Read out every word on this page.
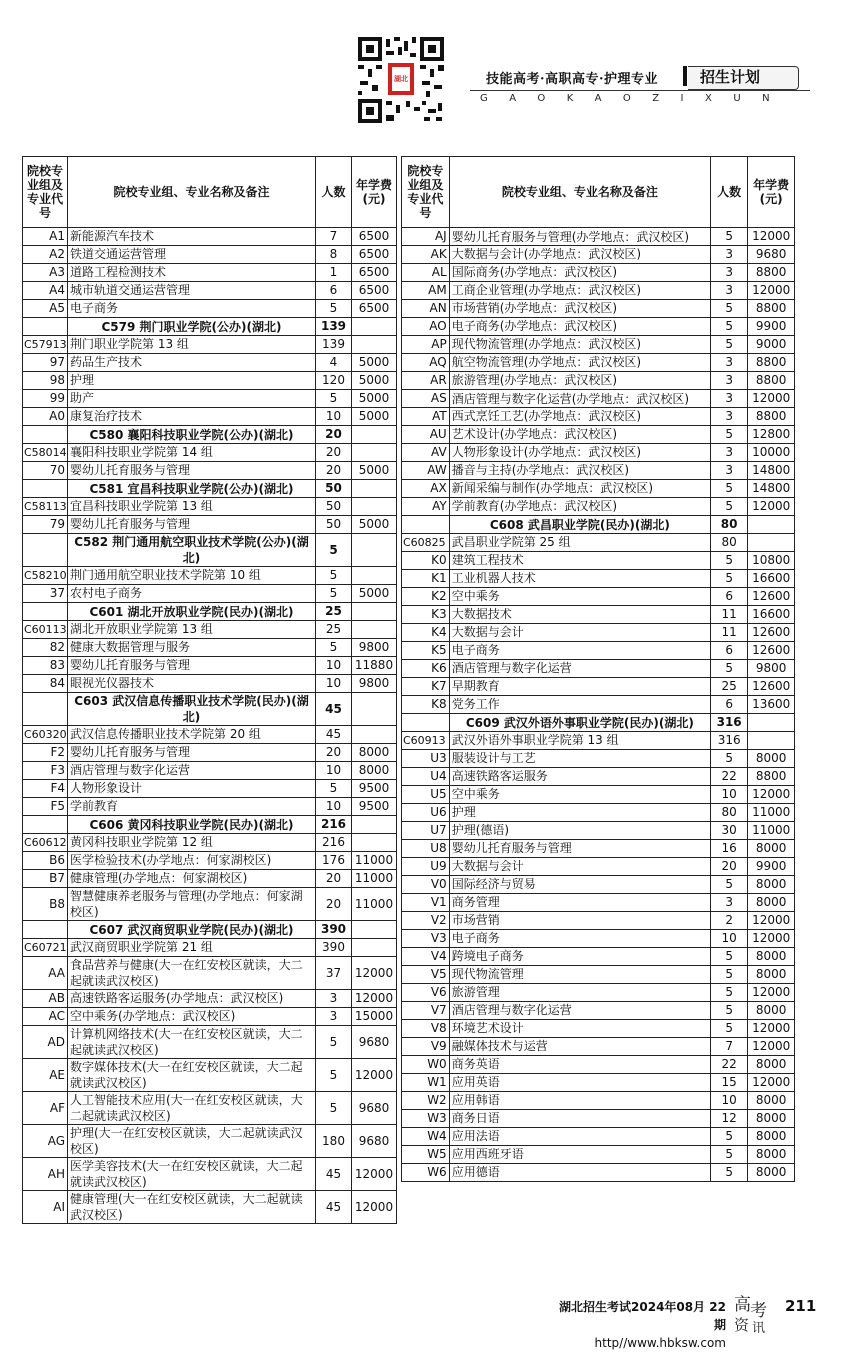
湖北	技能高考·高职高专·护理专业	招生计划
GAOKAOZIXUN
院校专业组及专业代号	院校专业组、专业名称及备注	人数	年学费(元)
A1	新能源汽车技术	7	6500
A2	铁道交通运营管理	8	6500
A3	道路工程检测技术	1	6500
A4	城市轨道交通运营管理	6	6500
A5	电子商务	5	6500
	C579 荆门职业学院(公办)(湖北)	139	
C57913	荆门职业学院第 13 组	139	
97	药品生产技术	4	5000
98	护理	120	5000
99	助产	5	5000
A0	康复治疗技术	10	5000
	C580 襄阳科技职业学院(公办)(湖北)	20	
C58014	襄阳科技职业学院第 14 组	20	
70	婴幼儿托育服务与管理	20	5000
	C581 宜昌科技职业学院(公办)(湖北)	50	
C58113	宜昌科技职业学院第 13 组	50	
79	婴幼儿托育服务与管理	50	5000
	C582 荆门通用航空职业技术学院(公办)(湖北)	5	
C58210	荆门通用航空职业技术学院第 10 组	5	
37	农村电子商务	5	5000
	C601 湖北开放职业学院(民办)(湖北)	25	
C60113	湖北开放职业学院第 13 组	25	
82	健康大数据管理与服务	5	9800
83	婴幼儿托育服务与管理	10	11880
84	眼视光仪器技术	10	9800
	C603 武汉信息传播职业技术学院(民办)(湖北)	45	
C60320	武汉信息传播职业技术学院第 20 组	45	
F2	婴幼儿托育服务与管理	20	8000
F3	酒店管理与数字化运营	10	8000
F4	人物形象设计	5	9500
F5	学前教育	10	9500
	C606 黄冈科技职业学院(民办)(湖北)	216	
C60612	黄冈科技职业学院第 12 组	216	
B6	医学检验技术(办学地点：何家湖校区)	176	11000
B7	健康管理(办学地点：何家湖校区)	20	11000
B8	智慧健康养老服务与管理(办学地点：何家湖校区)	20	11000
	C607 武汉商贸职业学院(民办)(湖北)	390	
C60721	武汉商贸职业学院第 21 组	390	
AA	食品营养与健康(大一在红安校区就读，大二起就读武汉校区)	37	12000
AB	高速铁路客运服务(办学地点：武汉校区)	3	12000
AC	空中乘务(办学地点：武汉校区)	3	15000
AD	计算机网络技术(大一在红安校区就读，大二起就读武汉校区)	5	9680
AE	数字媒体技术(大一在红安校区就读，大二起就读武汉校区)	5	12000
AF	人工智能技术应用(大一在红安校区就读，大二起就读武汉校区)	5	9680
AG	护理(大一在红安校区就读，大二起就读武汉校区)	180	9680
AH	医学美容技术(大一在红安校区就读，大二起就读武汉校区)	45	12000
AI	健康管理(大一在红安校区就读，大二起就读武汉校区)	45	12000
院校专业组及专业代号	院校专业组、专业名称及备注	人数	年学费(元)
AJ	婴幼儿托育服务与管理(办学地点：武汉校区)	5	12000
AK	大数据与会计(办学地点：武汉校区)	3	9680
AL	国际商务(办学地点：武汉校区)	3	8800
AM	工商企业管理(办学地点：武汉校区)	3	12000
AN	市场营销(办学地点：武汉校区)	5	8800
AO	电子商务(办学地点：武汉校区)	5	9900
AP	现代物流管理(办学地点：武汉校区)	5	9000
AQ	航空物流管理(办学地点：武汉校区)	3	8800
AR	旅游管理(办学地点：武汉校区)	3	8800
AS	酒店管理与数字化运营(办学地点：武汉校区)	3	12000
AT	西式烹饪工艺(办学地点：武汉校区)	3	8800
AU	艺术设计(办学地点：武汉校区)	5	12800
AV	人物形象设计(办学地点：武汉校区)	3	10000
AW	播音与主持(办学地点：武汉校区)	3	14800
AX	新闻采编与制作(办学地点：武汉校区)	5	14800
AY	学前教育(办学地点：武汉校区)	5	12000
	C608 武昌职业学院(民办)(湖北)	80	
C60825	武昌职业学院第 25 组	80	
K0	建筑工程技术	5	10800
K1	工业机器人技术	5	16600
K2	空中乘务	6	12600
K3	大数据技术	11	16600
K4	大数据与会计	11	12600
K5	电子商务	6	12600
K6	酒店管理与数字化运营	5	9800
K7	早期教育	25	12600
K8	党务工作	6	13600
	C609 武汉外语外事职业学院(民办)(湖北)	316	
C60913	武汉外语外事职业学院第 13 组	316	
U3	服装设计与工艺	5	8000
U4	高速铁路客运服务	22	8800
U5	空中乘务	10	12000
U6	护理	80	11000
U7	护理(德语)	30	11000
U8	婴幼儿托育服务与管理	16	8000
U9	大数据与会计	20	9900
V0	国际经济与贸易	5	8000
V1	商务管理	3	8000
V2	市场营销	2	12000
V3	电子商务	10	12000
V4	跨境电子商务	5	8000
V5	现代物流管理	5	8000
V6	旅游管理	5	12000
V7	酒店管理与数字化运营	5	8000
V8	环境艺术设计	5	12000
V9	融媒体技术与运营	7	12000
W0	商务英语	22	8000
W1	应用英语	15	12000
W2	应用韩语	10	8000
W3	商务日语	12	8000
W4	应用法语	5	8000
W5	应用西班牙语	5	8000
W6	应用德语	5	8000
湖北招生考试2024年08月 22期
http//www.hbksw.com
高 考
资 讯
211
